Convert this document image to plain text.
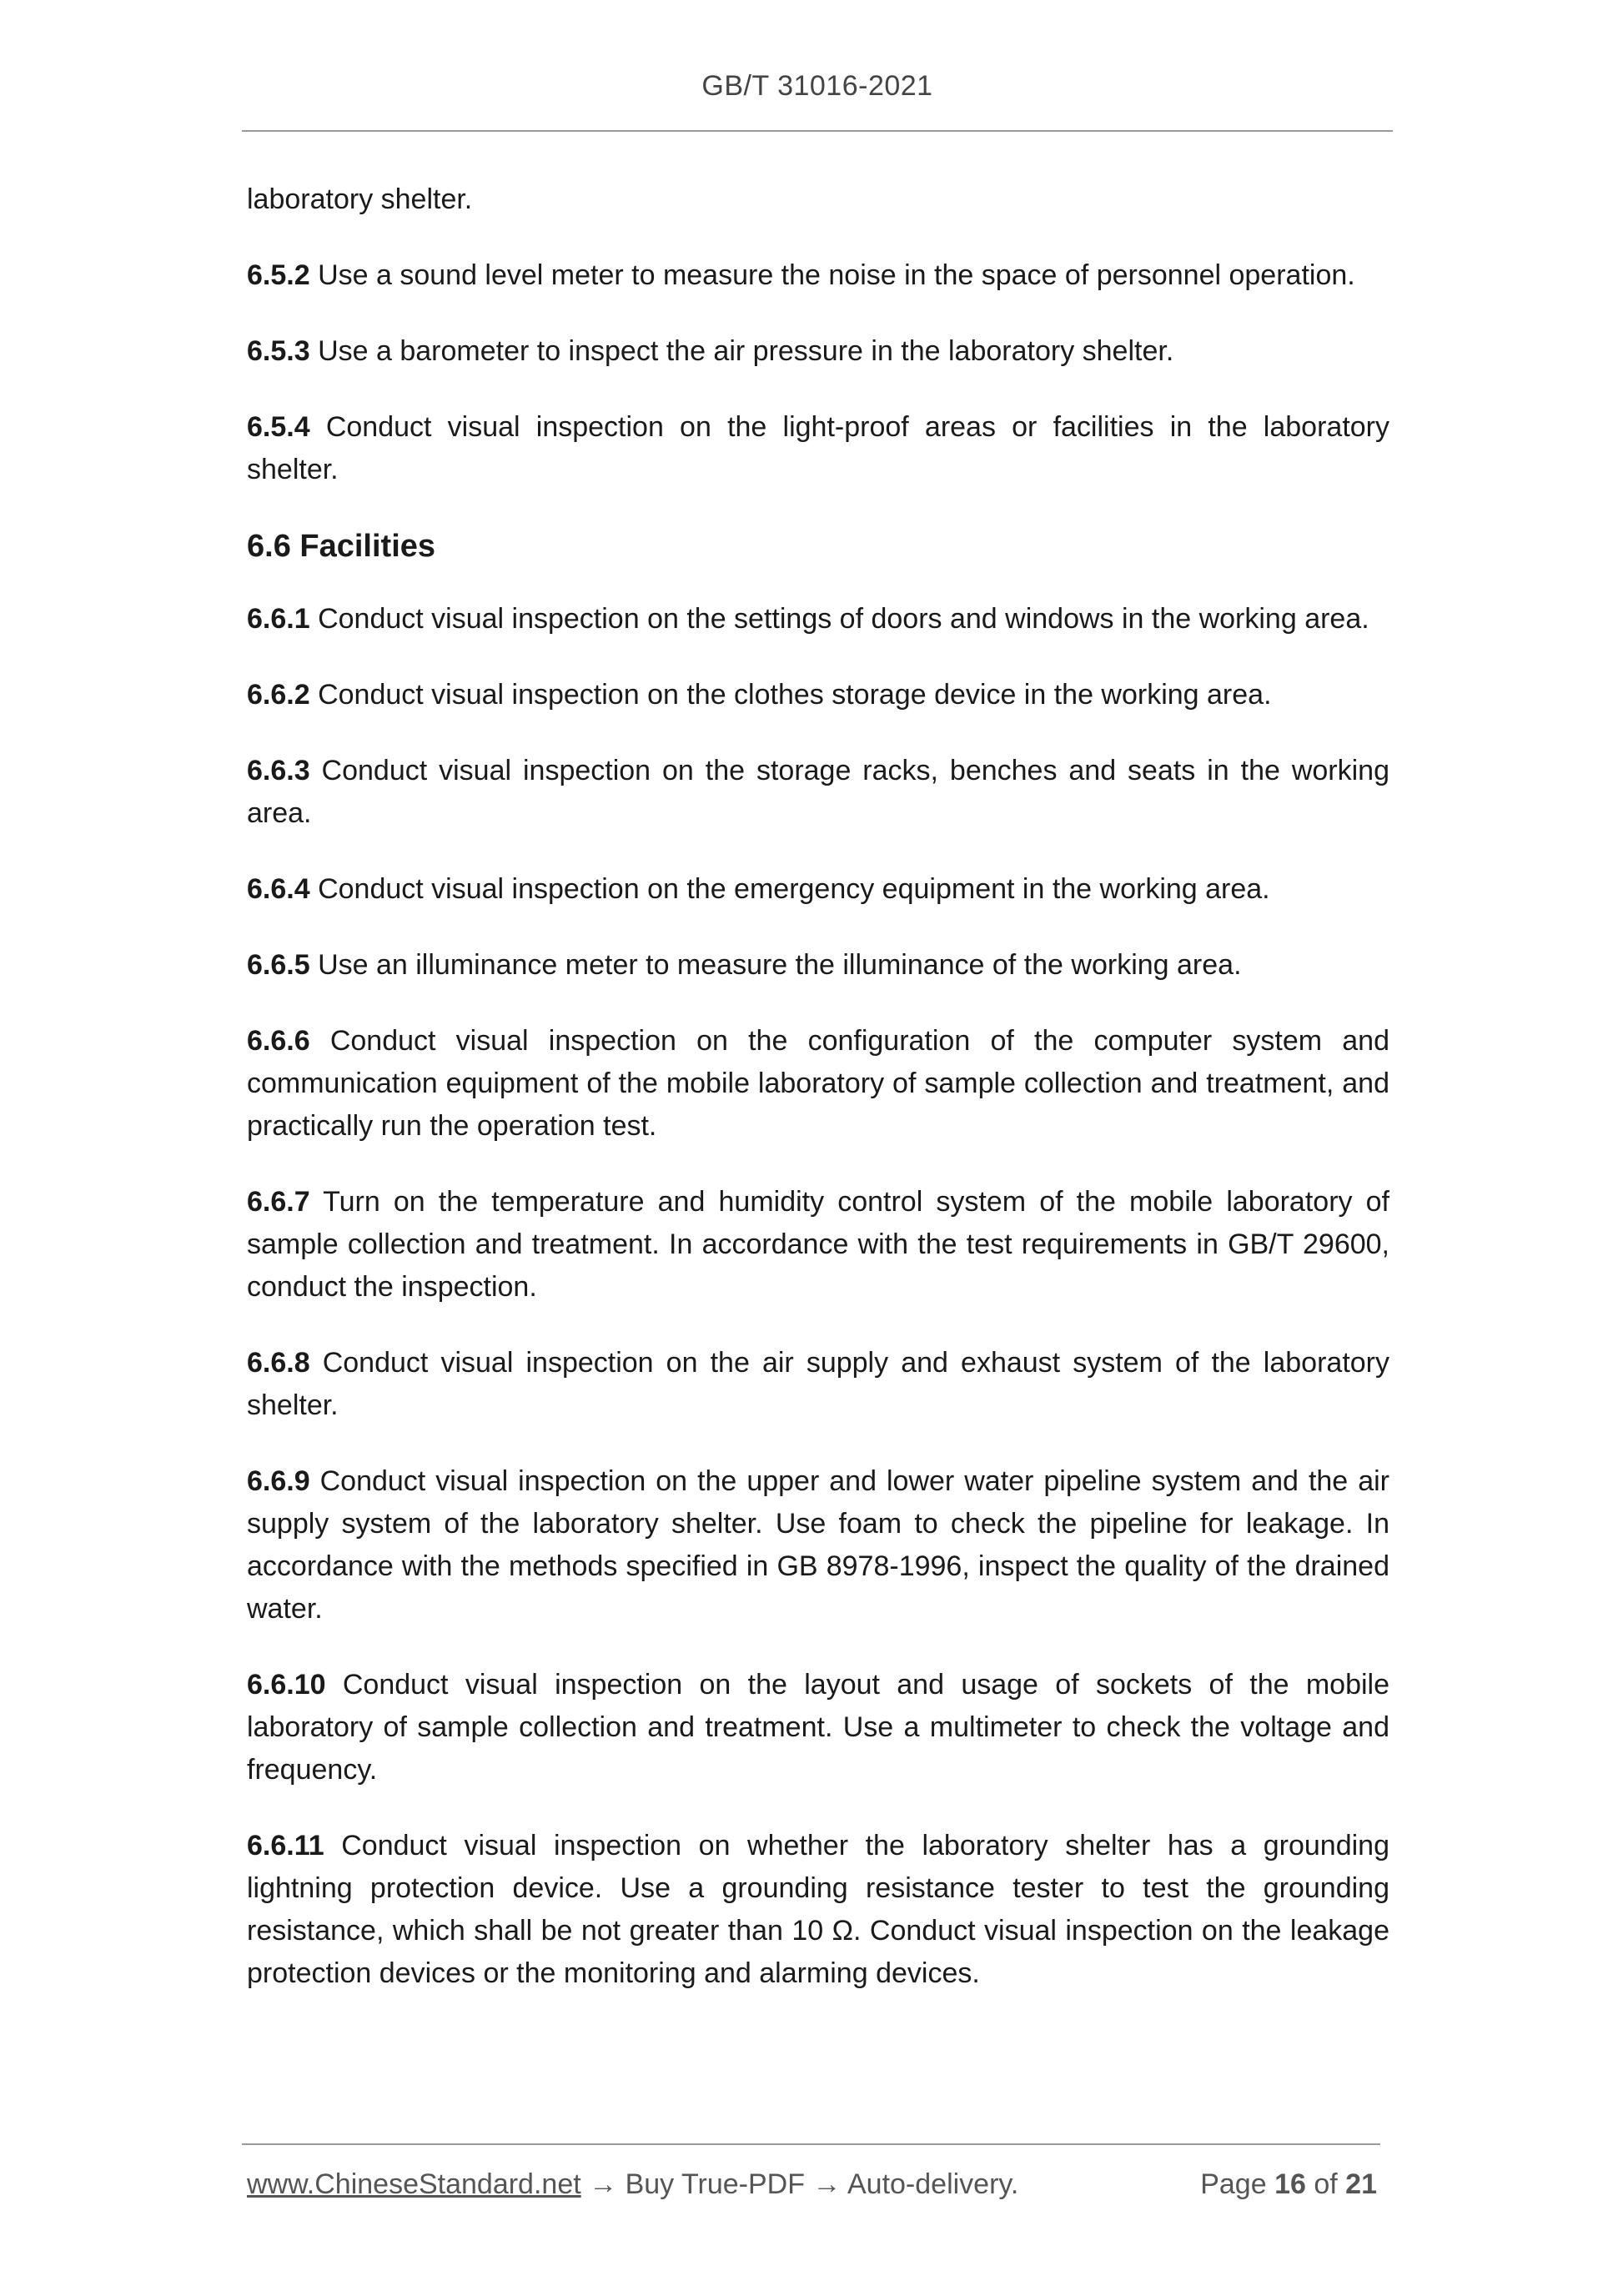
GB/T 31016-2021

laboratory shelter.

6.5.2 Use a sound level meter to measure the noise in the space of personnel operation.

6.5.3 Use a barometer to inspect the air pressure in the laboratory shelter.

6.5.4 Conduct visual inspection on the light-proof areas or facilities in the laboratory shelter.

6.6 Facilities

6.6.1 Conduct visual inspection on the settings of doors and windows in the working area.

6.6.2 Conduct visual inspection on the clothes storage device in the working area.

6.6.3 Conduct visual inspection on the storage racks, benches and seats in the working area.

6.6.4 Conduct visual inspection on the emergency equipment in the working area.

6.6.5 Use an illuminance meter to measure the illuminance of the working area.

6.6.6 Conduct visual inspection on the configuration of the computer system and communication equipment of the mobile laboratory of sample collection and treatment, and practically run the operation test.

6.6.7 Turn on the temperature and humidity control system of the mobile laboratory of sample collection and treatment. In accordance with the test requirements in GB/T 29600, conduct the inspection.

6.6.8 Conduct visual inspection on the air supply and exhaust system of the laboratory shelter.

6.6.9 Conduct visual inspection on the upper and lower water pipeline system and the air supply system of the laboratory shelter. Use foam to check the pipeline for leakage. In accordance with the methods specified in GB 8978-1996, inspect the quality of the drained water.

6.6.10 Conduct visual inspection on the layout and usage of sockets of the mobile laboratory of sample collection and treatment. Use a multimeter to check the voltage and frequency.

6.6.11 Conduct visual inspection on whether the laboratory shelter has a grounding lightning protection device. Use a grounding resistance tester to test the grounding resistance, which shall be not greater than 10 Ω. Conduct visual inspection on the leakage protection devices or the monitoring and alarming devices.

www.ChineseStandard.net → Buy True-PDF → Auto-delivery.	Page 16 of 21
